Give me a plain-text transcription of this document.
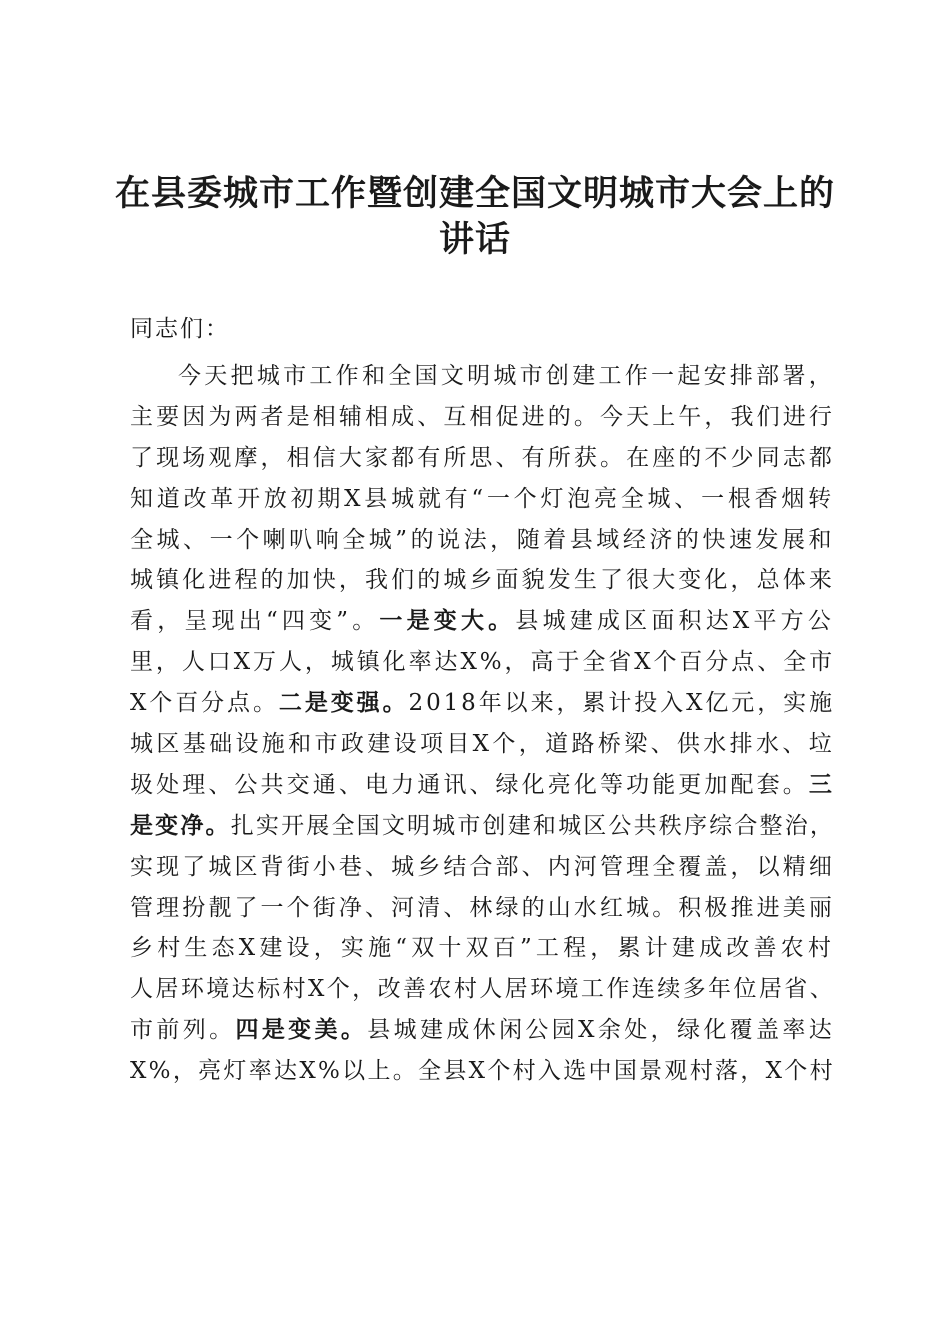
在县委城市工作暨创建全国文明城市大会上的
讲话

同志们：

今天把城市工作和全国文明城市创建工作一起安排部署，
主要因为两者是相辅相成、互相促进的。今天上午，我们进行
了现场观摩，相信大家都有所思、有所获。在座的不少同志都
知道改革开放初期X县城就有“一个灯泡亮全城、一根香烟转
全城、一个喇叭响全城”的说法，随着县域经济的快速发展和
城镇化进程的加快，我们的城乡面貌发生了很大变化，总体来
看，呈现出“四变”。一是变大。县城建成区面积达X平方公
里，人口X万人，城镇化率达X%，高于全省X个百分点、全市
X个百分点。二是变强。2018年以来，累计投入X亿元，实施
城区基础设施和市政建设项目X个，道路桥梁、供水排水、垃
圾处理、公共交通、电力通讯、绿化亮化等功能更加配套。三
是变净。扎实开展全国文明城市创建和城区公共秩序综合整治，
实现了城区背街小巷、城乡结合部、内河管理全覆盖，以精细
管理扮靓了一个街净、河清、林绿的山水红城。积极推进美丽
乡村生态X建设，实施“双十双百”工程，累计建成改善农村
人居环境达标村X个，改善农村人居环境工作连续多年位居省、
市前列。四是变美。县城建成休闲公园X余处，绿化覆盖率达
X%，亮灯率达X%以上。全县X个村入选中国景观村落，X个村
